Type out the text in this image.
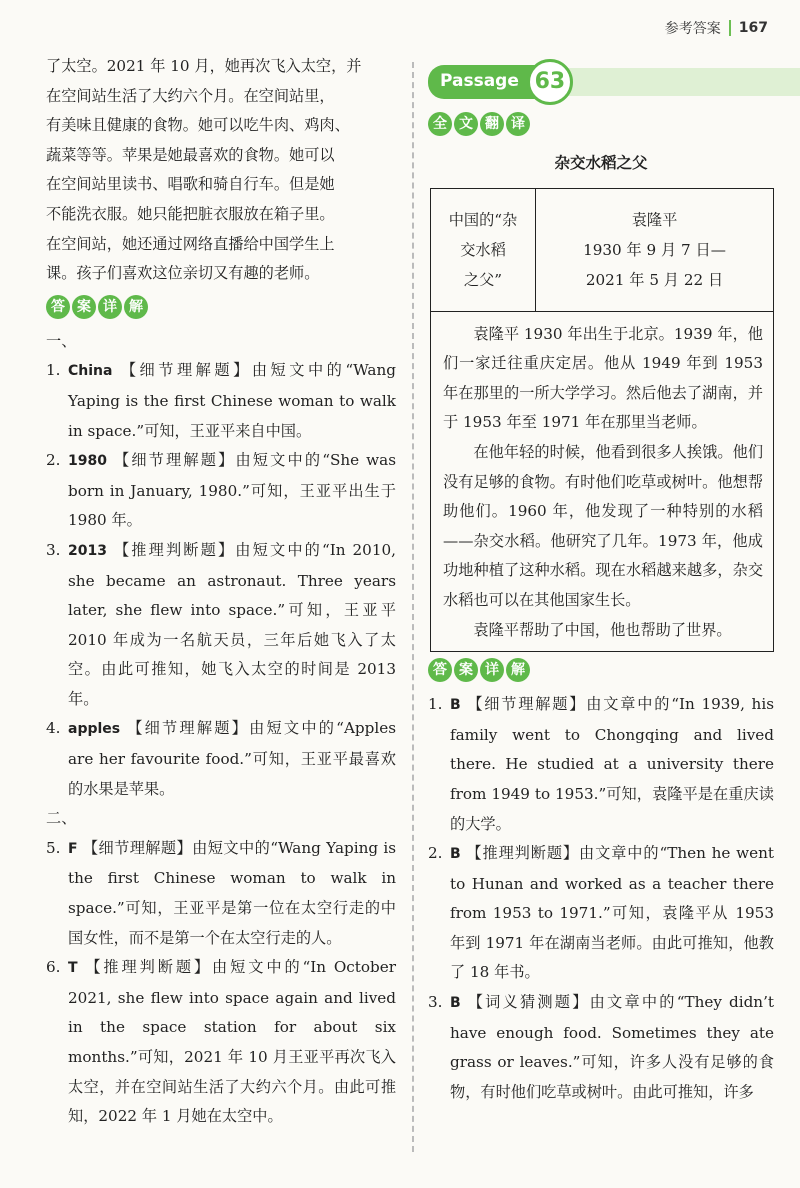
参考答案 167

了太空。2021 年 10 月，她再次飞入太空，并

在空间站生活了大约六个月。在空间站里，

有美味且健康的食物。她可以吃牛肉、鸡肉、

蔬菜等等。苹果是她最喜欢的食物。她可以

在空间站里读书、唱歌和骑自行车。但是她

不能洗衣服。她只能把脏衣服放在箱子里。

在空间站，她还通过网络直播给中国学生上

课。孩子们喜欢这位亲切又有趣的老师。

答 案 详 解

一、

1. China 【细节理解题】由短文中的“Wang Yaping is the first Chinese woman to walk in space.”可知，王亚平来自中国。
2. 1980 【细节理解题】由短文中的“She was born in January, 1980.”可知，王亚平出生于 1980 年。
3. 2013 【推理判断题】由短文中的“In 2010, she became an astronaut. Three years later, she flew into space.”可知，王亚平 2010 年成为一名航天员，三年后她飞入了太空。由此可推知，她飞入太空的时间是 2013 年。
4. apples 【细节理解题】由短文中的“Apples are her favourite food.”可知，王亚平最喜欢的水果是苹果。

二、

5. F 【细节理解题】由短文中的“Wang Yaping is the first Chinese woman to walk in space.”可知，王亚平是第一位在太空行走的中国女性，而不是第一个在太空行走的人。
6. T 【推理判断题】由短文中的“In October 2021, she flew into space again and lived in the space station for about six months.”可知，2021 年 10 月王亚平再次飞入太空，并在空间站生活了大约六个月。由此可推知，2022 年 1 月她在太空中。
Passage 63
全 文 翻 译
杂交水稻之父
中国的“杂
交水稻
之父”
袁隆平
1930 年 9 月 7 日—
2021 年 5 月 22 日

袁隆平 1930 年出生于北京。1939 年，他们一家迁往重庆定居。他从 1949 年到 1953 年在那里的一所大学学习。然后他去了湖南，并于 1953 年至 1971 年在那里当老师。

在他年轻的时候，他看到很多人挨饿。他们没有足够的食物。有时他们吃草或树叶。他想帮助他们。1960 年，他发现了一种特别的水稻——杂交水稻。他研究了几年。1973 年，他成功地种植了这种水稻。现在水稻越来越多，杂交水稻也可以在其他国家生长。

袁隆平帮助了中国，他也帮助了世界。

答 案 详 解
1. B 【细节理解题】由文章中的“In 1939, his family went to Chongqing and lived there. He studied at a university there from 1949 to 1953.”可知，袁隆平是在重庆读的大学。
2. B 【推理判断题】由文章中的“Then he went to Hunan and worked as a teacher there from 1953 to 1971.”可知，袁隆平从 1953 年到 1971 年在湖南当老师。由此可推知，他教了 18 年书。
3. B 【词义猜测题】由文章中的“They didn’t have enough food. Sometimes they ate grass or leaves.”可知，许多人没有足够的食物，有时他们吃草或树叶。由此可推知，许多
